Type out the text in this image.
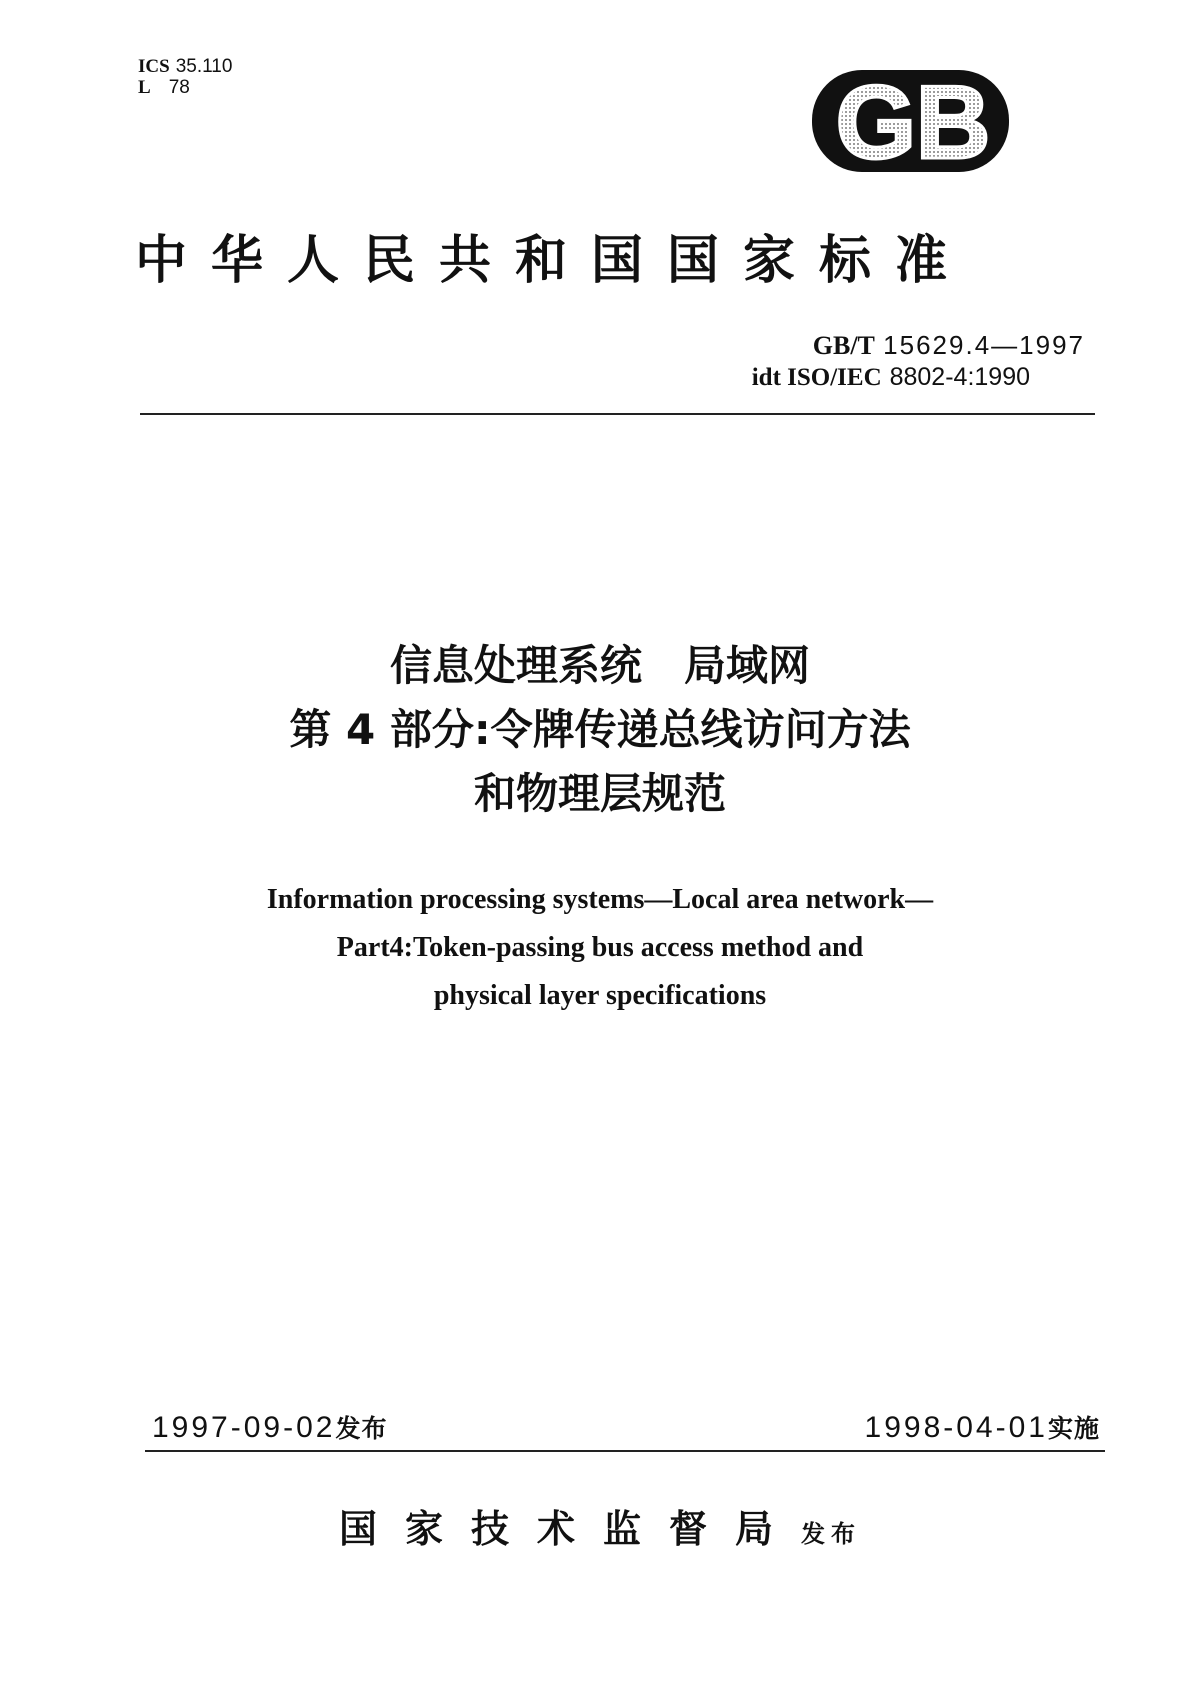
ICS 35.110
L 78	G
B
中华人民共和国国家标准
GB/T 15629.4—1997
idt ISO/IEC 8802-4:1990
信息处理系统　局域网
第 4 部分:令牌传递总线访问方法
和物理层规范
Information processing systems—Local area network—
Part4:Token-passing bus access method and
physical layer specifications
1997-09-02发布	1998-04-01实施
国家技术监督局发布
